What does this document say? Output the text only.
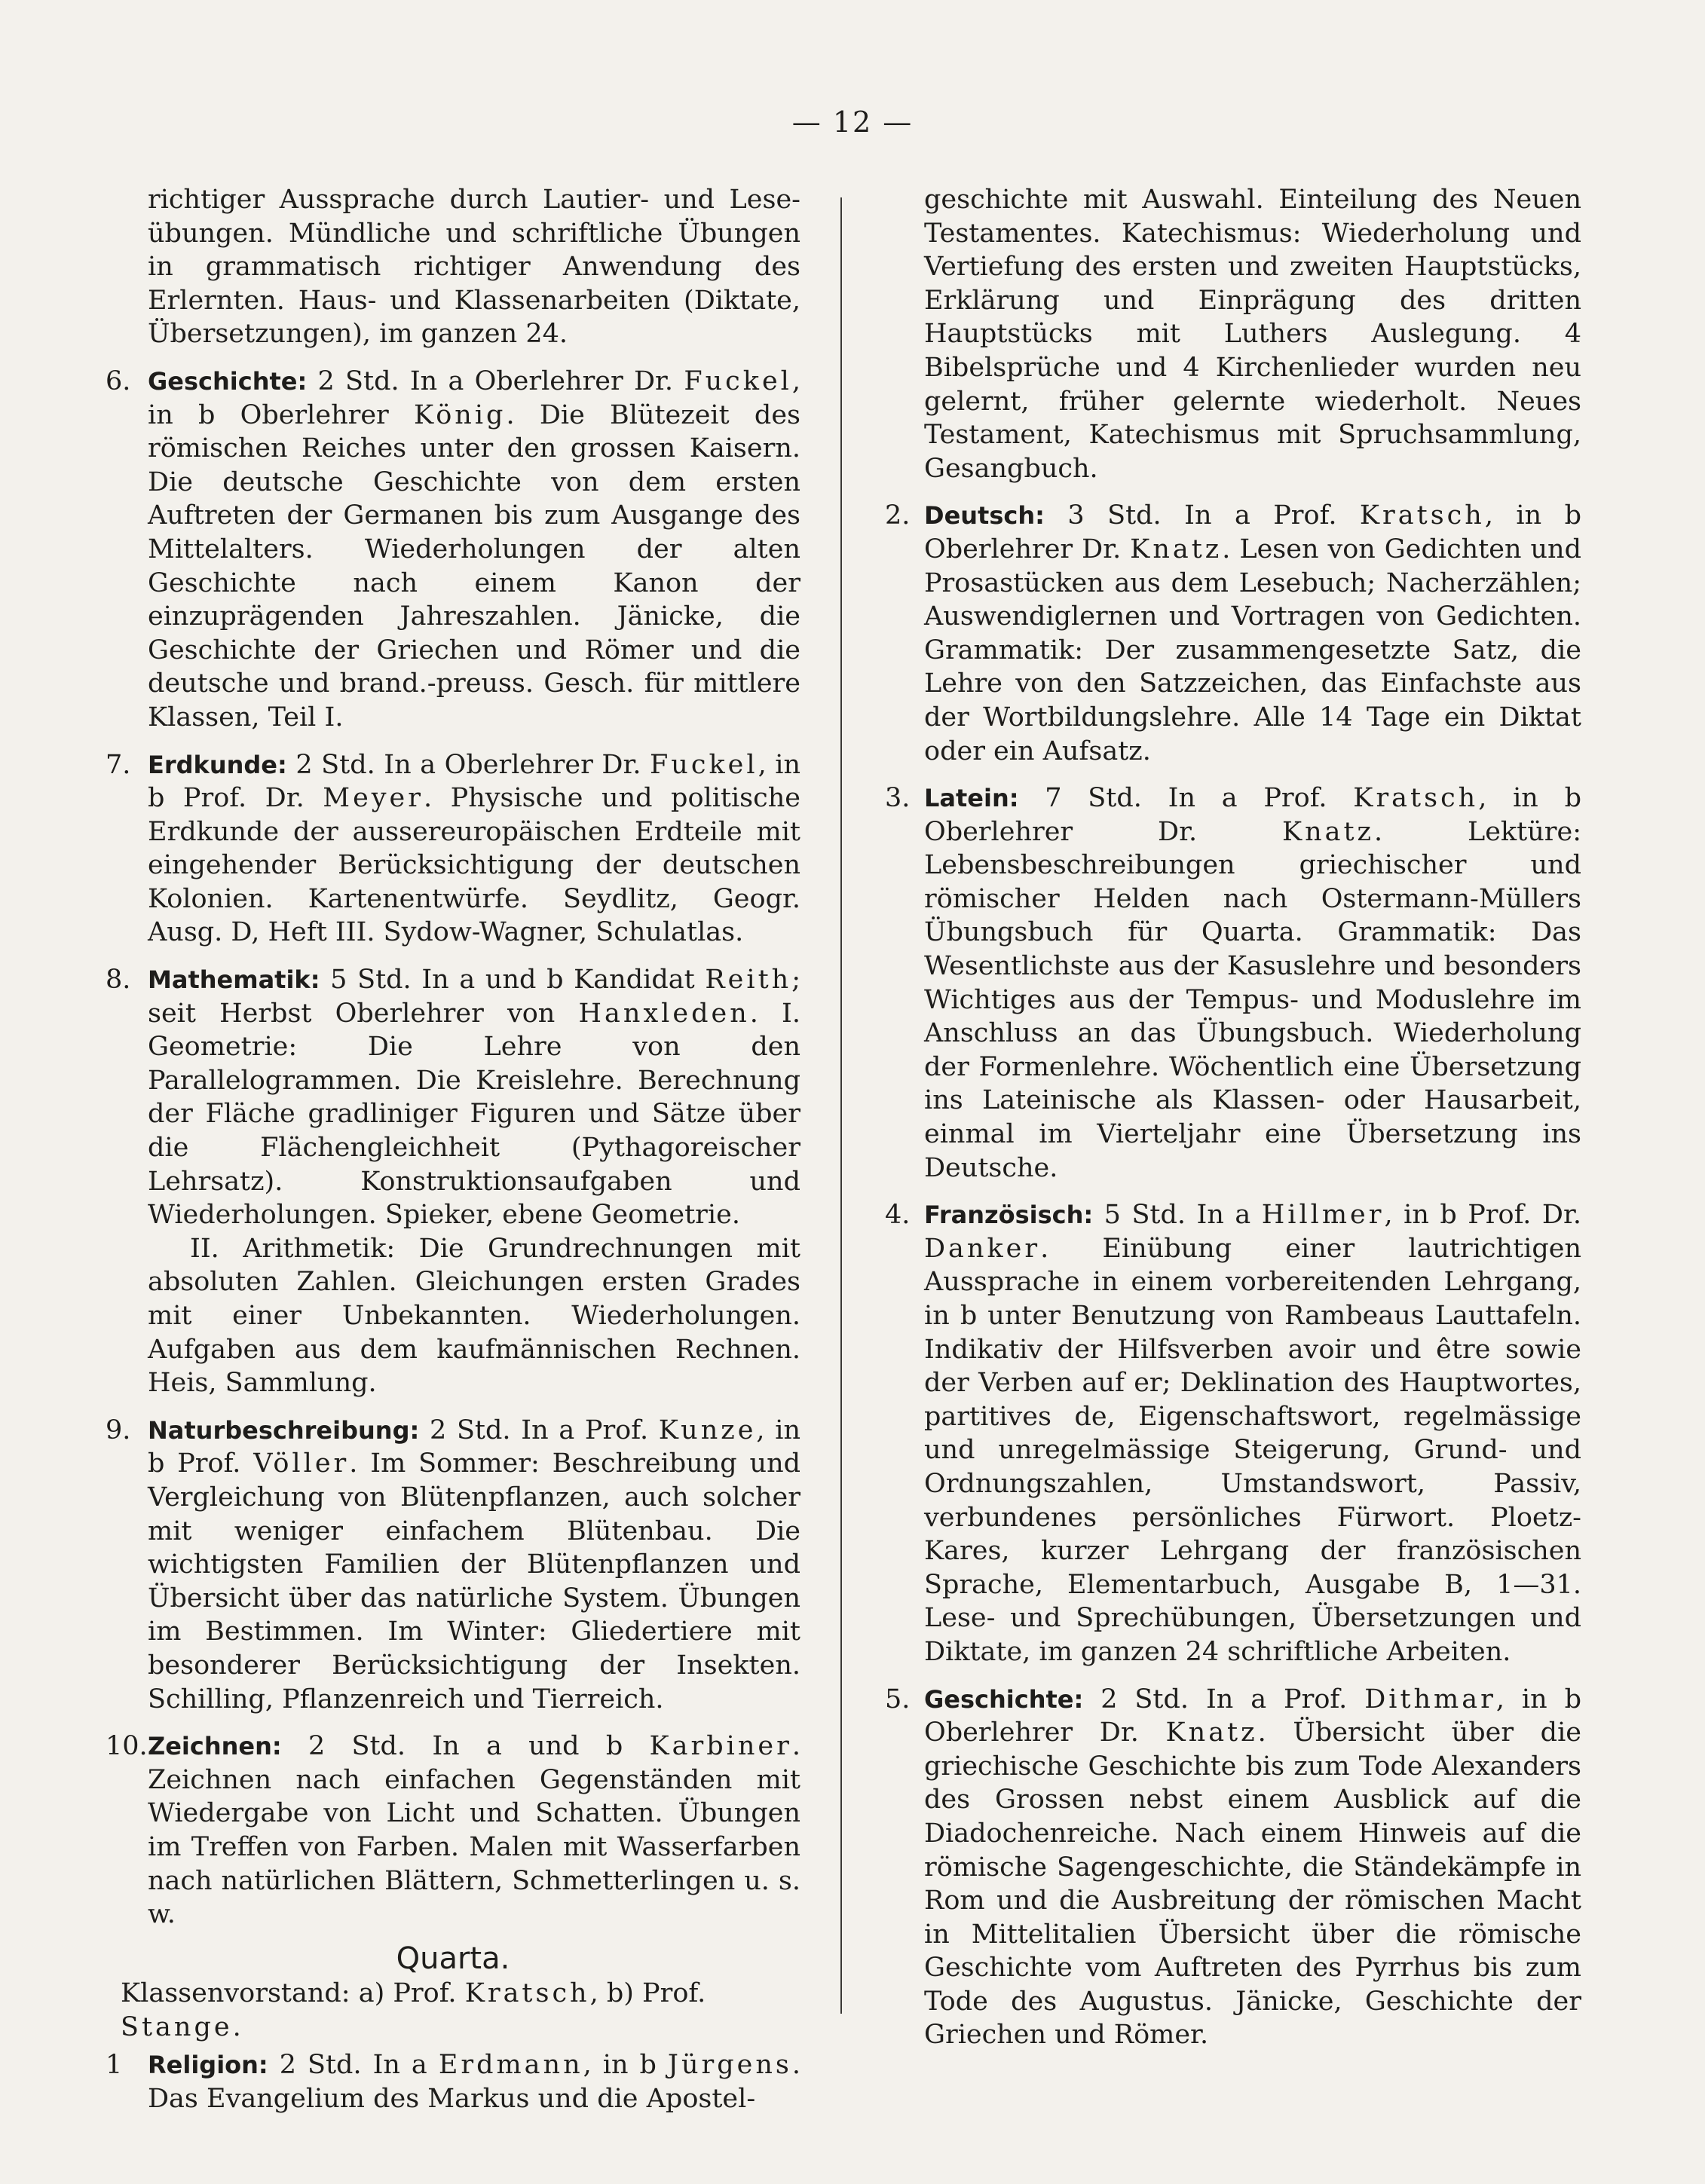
— 12 —
richtiger Aussprache durch Lautier- und Lese-übungen. Mündliche und schriftliche Übungen in grammatisch richtiger Anwendung des Erlernten. Haus- und Klassenarbeiten (Diktate, Übersetzungen), im ganzen 24.
6. Geschichte: 2 Std. In a Oberlehrer Dr. Fuckel, in b Oberlehrer König. Die Blütezeit des römischen Reiches unter den grossen Kaisern. Die deutsche Geschichte von dem ersten Auftreten der Germanen bis zum Ausgange des Mittelalters. Wiederholungen der alten Geschichte nach einem Kanon der einzuprägenden Jahreszahlen. Jänicke, die Geschichte der Griechen und Römer und die deutsche und brand.-preuss. Gesch. für mittlere Klassen, Teil I.
7. Erdkunde: 2 Std. In a Oberlehrer Dr. Fuckel, in b Prof. Dr. Meyer. Physische und politische Erdkunde der aussereuropäischen Erdteile mit eingehender Berücksichtigung der deutschen Kolonien. Kartenentwürfe. Seydlitz, Geogr. Ausg. D, Heft III. Sydow-Wagner, Schulatlas.
8. Mathematik: 5 Std. In a und b Kandidat Reith; seit Herbst Oberlehrer von Hanxleden. I. Geometrie: Die Lehre von den Parallelogrammen. Die Kreislehre. Berechnung der Fläche gradliniger Figuren und Sätze über die Flächengleichheit (Pythagoreischer Lehrsatz). Konstruktionsaufgaben und Wiederholungen. Spieker, ebene Geometrie.
II. Arithmetik: Die Grundrechnungen mit absoluten Zahlen. Gleichungen ersten Grades mit einer Unbekannten. Wiederholungen. Aufgaben aus dem kaufmännischen Rechnen. Heis, Sammlung.
9. Naturbeschreibung: 2 Std. In a Prof. Kunze, in b Prof. Völler. Im Sommer: Beschreibung und Vergleichung von Blütenpflanzen, auch solcher mit weniger einfachem Blütenbau. Die wichtigsten Familien der Blütenpflanzen und Übersicht über das natürliche System. Übungen im Bestimmen. Im Winter: Gliedertiere mit besonderer Berücksichtigung der Insekten. Schilling, Pflanzenreich und Tierreich.
10. Zeichnen: 2 Std. In a und b Karbiner. Zeichnen nach einfachen Gegenständen mit Wiedergabe von Licht und Schatten. Übungen im Treffen von Farben. Malen mit Wasserfarben nach natürlichen Blättern, Schmetterlingen u. s. w.
Quarta.
Klassenvorstand: a) Prof. Kratsch, b) Prof. Stange.
1	Religion: 2 Std. In a Erdmann, in b Jürgens. Das Evangelium des Markus und die Apostel-
geschichte mit Auswahl. Einteilung des Neuen Testamentes. Katechismus: Wiederholung und Vertiefung des ersten und zweiten Hauptstücks, Erklärung und Einprägung des dritten Hauptstücks mit Luthers Auslegung. 4 Bibelsprüche und 4 Kirchenlieder wurden neu gelernt, früher gelernte wiederholt. Neues Testament, Katechismus mit Spruchsammlung, Gesangbuch.
2. Deutsch: 3 Std. In a Prof. Kratsch, in b Oberlehrer Dr. Knatz. Lesen von Gedichten und Prosastücken aus dem Lesebuch; Nacherzählen; Auswendiglernen und Vortragen von Gedichten. Grammatik: Der zusammengesetzte Satz, die Lehre von den Satzzeichen, das Einfachste aus der Wortbildungslehre. Alle 14 Tage ein Diktat oder ein Aufsatz.
3. Latein: 7 Std. In a Prof. Kratsch, in b Oberlehrer Dr. Knatz. Lektüre: Lebensbeschreibungen griechischer und römischer Helden nach Ostermann-Müllers Übungsbuch für Quarta. Grammatik: Das Wesentlichste aus der Kasuslehre und besonders Wichtiges aus der Tempus- und Moduslehre im Anschluss an das Übungsbuch. Wiederholung der Formenlehre. Wöchentlich eine Übersetzung ins Lateinische als Klassen- oder Hausarbeit, einmal im Vierteljahr eine Übersetzung ins Deutsche.
4. Französisch: 5 Std. In a Hillmer, in b Prof. Dr. Danker. Einübung einer lautrichtigen Aussprache in einem vorbereitenden Lehrgang, in b unter Benutzung von Rambeaus Lauttafeln. Indikativ der Hilfsverben avoir und être sowie der Verben auf er; Deklination des Hauptwortes, partitives de, Eigenschaftswort, regelmässige und unregelmässige Steigerung, Grund- und Ordnungszahlen, Umstandswort, Passiv, verbundenes persönliches Fürwort. Ploetz-Kares, kurzer Lehrgang der französischen Sprache, Elementarbuch, Ausgabe B, 1—31. Lese- und Sprechübungen, Übersetzungen und Diktate, im ganzen 24 schriftliche Arbeiten.
5. Geschichte: 2 Std. In a Prof. Dithmar, in b Oberlehrer Dr. Knatz. Übersicht über die griechische Geschichte bis zum Tode Alexanders des Grossen nebst einem Ausblick auf die Diadochenreiche. Nach einem Hinweis auf die römische Sagengeschichte, die Ständekämpfe in Rom und die Ausbreitung der römischen Macht in Mittelitalien Übersicht über die römische Geschichte vom Auftreten des Pyrrhus bis zum Tode des Augustus. Jänicke, Geschichte der Griechen und Römer.
